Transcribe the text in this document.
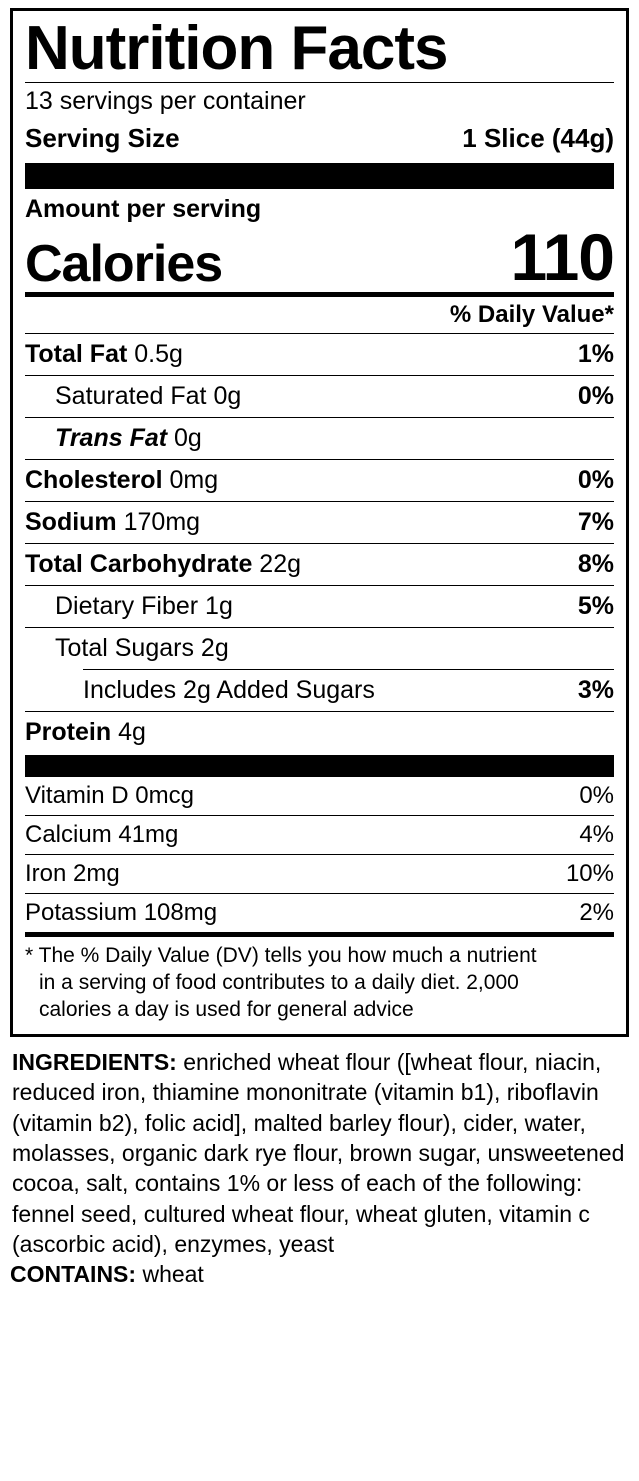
Nutrition Facts
13 servings per container
Serving Size	1 Slice (44g)
Amount per serving
Calories	110
% Daily Value*
Total Fat 0.5g	1%
Saturated Fat 0g	0%
Trans Fat 0g
Cholesterol 0mg	0%
Sodium 170mg	7%
Total Carbohydrate 22g	8%
Dietary Fiber 1g	5%
Total Sugars 2g
Includes 2g Added Sugars	3%
Protein 4g
Vitamin D 0mcg	0%
Calcium 41mg	4%
Iron 2mg	10%
Potassium 108mg	2%
* The % Daily Value (DV) tells you how much a nutrient
in a serving of food contributes to a daily diet. 2,000
calories a day is used for general advice
INGREDIENTS: enriched wheat flour ([wheat flour, niacin, reduced iron, thiamine mononitrate (vitamin b1), riboflavin (vitamin b2), folic acid], malted barley flour), cider, water, molasses, organic dark rye flour, brown sugar, unsweetened cocoa, salt, contains 1% or less of each of the following: fennel seed, cultured wheat flour, wheat gluten, vitamin c (ascorbic acid), enzymes, yeast
CONTAINS: wheat
